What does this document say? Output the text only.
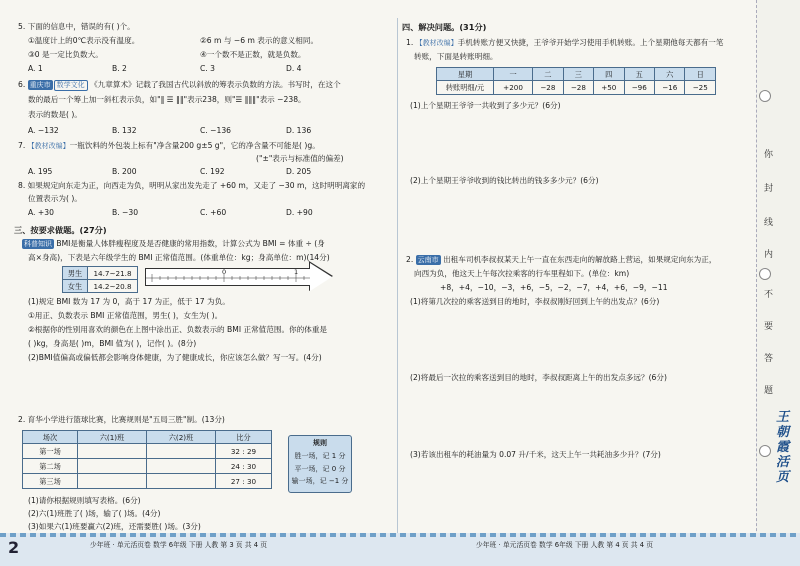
5. 下面的信息中，错误的有( )个。
①温度计上的0℃表示没有温度。	②6 m 与 −6 m 表示的意义相同。
③0 是一定比负数大。	④一个数不是正数，就是负数。
A. 1	B. 2	C. 3	D. 4
6. 重庆市 数学文化 《九章算术》记载了我国古代以斜放的筹表示负数的方法。书写时，在这个
数的最后一个筹上加一斜杠表示负，如"‖ ☰ ‖‖"表示238，则"☰ ‖‖‖"表示 −238。
表示的数是( )。
A. −132	B. 132	C. −136	D. 136
7. 【教材改编】一瓶饮料的外包装上标有"净含量200 g±5 g"，它的净含量不可能是( )g。
("±"表示与标准值的偏差)
A. 195	B. 200	C. 192	D. 205
8. 如果规定向东走为正，向西走为负，明明从家出发先走了 +60 m，又走了 −30 m，这时明明离家的
位置表示为( )。
A. +30	B. −30	C. +60	D. +90
三、按要求做题。(27分)
科普知识 BMI是衡量人体胖瘦程度及是否健康的常用指数，计算公式为 BMI = 体重 ÷ (身
高×身高)，下表是六年级学生的 BMI 正常值范围。(体重单位：kg；身高单位：m)(14分)
男生	14.7~21.8
女生	14.2~20.8
0	1
(1)规定 BMI 数为 17 为 0，高于 17 为正，低于 17 为负。
①用正、负数表示 BMI 正常值范围，男生( )，女生为( )。
②根据你的性别用喜欢的颜色在上图中涂出正、负数表示的 BMI 正常值范围。你的体重是
( )kg，身高是( )m，BMI 值为( )，记作( )。(8分)
(2)BMI值偏高或偏低都会影响身体健康，为了健康成长，你应该怎么做？写一写。(4分)
2. 育华小学进行篮球比赛，比赛规则是"五局三胜"制。(13分)
场次	六(1)班	六(2)班	比分
第一场			32 : 29
第二场			24 : 30
第三场			27 : 30
规则
胜一场，记 1 分
平一场，记 0 分
输一场，记 −1 分
(1)请你根据规则填写表格。(6分)
(2)六(1)班胜了( )场，输了( )场。(4分)
(3)如果六(1)班要赢六(2)班，还需要胜( )场。(3分)
四、解决问题。(31分)
1. 【教材改编】手机转账方便又快捷，王爷爷开始学习使用手机转账。上个星期他每天都有一笔
转账，下面是转账明细。
星期	一	二	三	四	五	六	日
转账明细/元	+200	−28	−28	+50	−96	−16	−25
(1)上个星期王爷爷一共收到了多少元？(6分)
(2)上个星期王爷爷收到的钱比转出的钱多多少元？(6分)
2. 云南市 出租车司机李叔叔某天上午一直在东西走向的解放路上营运，如果规定向东为正，
向西为负，他这天上午每次拉乘客的行车里程如下。(单位：km)
+8，+4，−10，−3，+6，−5，−2，−7，+4，+6，−9，−11
(1)将第几次拉的乘客送到目的地时，李叔叔刚好回到上午的出发点？(6分)
(2)将最后一次拉的乘客送到目的地时，李叔叔距离上午的出发点多远？(6分)
(3)若该出租车的耗油量为 0.07 升/千米，这天上午一共耗油多少升？(7分)
你
封
线
内
不
要
答
题
王朝霞活页
2	少年班 · 单元活页卷 数学 6年级 下册 人教 第 3 页 共 4 页	少年班 · 单元活页卷 数学 6年级 下册 人教 第 4 页 共 4 页
